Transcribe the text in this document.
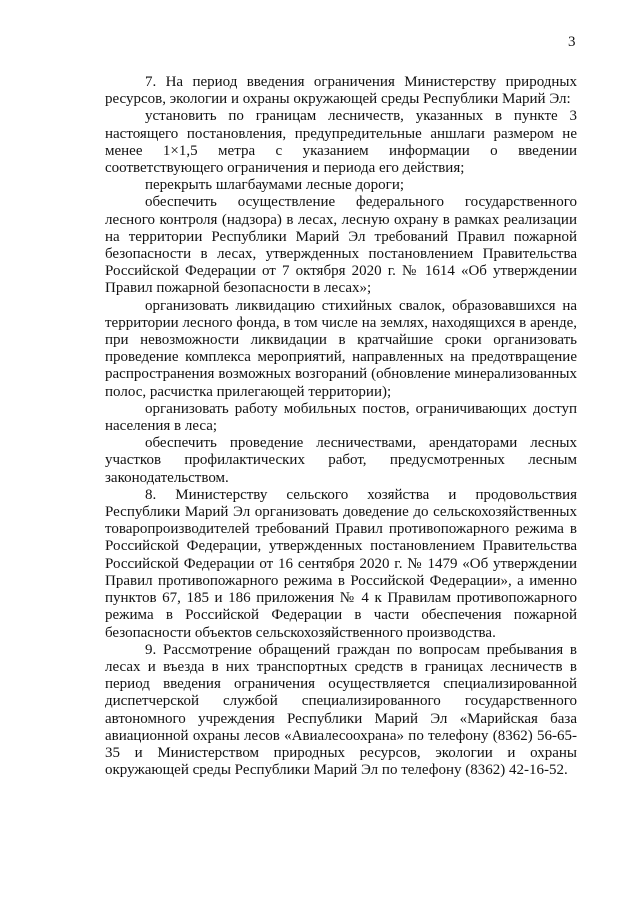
3

7. На период введения ограничения Министерству природных ресурсов, экологии и охраны окружающей среды Республики Марий Эл:

установить по границам лесничеств, указанных в пункте 3 настоящего постановления, предупредительные аншлаги размером не менее 1×1,5 метра с указанием информации о введении соответствующего ограничения и периода его действия;

перекрыть шлагбаумами лесные дороги;

обеспечить осуществление федерального государственного лесного контроля (надзора) в лесах, лесную охрану в рамках реализации на территории Республики Марий Эл требований Правил пожарной безопасности в лесах, утвержденных постановлением Правительства Российской Федерации от 7 октября 2020 г. № 1614 «Об утверждении Правил пожарной безопасности в лесах»;

организовать ликвидацию стихийных свалок, образовавшихся на территории лесного фонда, в том числе на землях, находящихся в аренде, при невозможности ликвидации в кратчайшие сроки организовать проведение комплекса мероприятий, направленных на предотвращение распространения возможных возгораний (обновление минерализованных полос, расчистка прилегающей территории);

организовать работу мобильных постов, ограничивающих доступ населения в леса;

обеспечить проведение лесничествами, арендаторами лесных участков профилактических работ, предусмотренных лесным законодательством.

8. Министерству сельского хозяйства и продовольствия Республики Марий Эл организовать доведение до сельскохозяйственных товаропроизводителей требований Правил противопожарного режима в Российской Федерации, утвержденных постановлением Правительства Российской Федерации от 16 сентября 2020 г. № 1479 «Об утверждении Правил противопожарного режима в Российской Федерации», а именно пунктов 67, 185 и 186 приложения № 4 к Правилам противопожарного режима в Российской Федерации в части обеспечения пожарной безопасности объектов сельскохозяйственного производства.

9. Рассмотрение обращений граждан по вопросам пребывания в лесах и въезда в них транспортных средств в границах лесничеств в период введения ограничения осуществляется специализированной диспетчерской службой специализированного государственного автономного учреждения Республики Марий Эл «Марийская база авиационной охраны лесов «Авиалесоохрана» по телефону (8362) 56-65-35 и Министерством природных ресурсов, экологии и охраны окружающей среды Республики Марий Эл по телефону (8362) 42-16-52.
